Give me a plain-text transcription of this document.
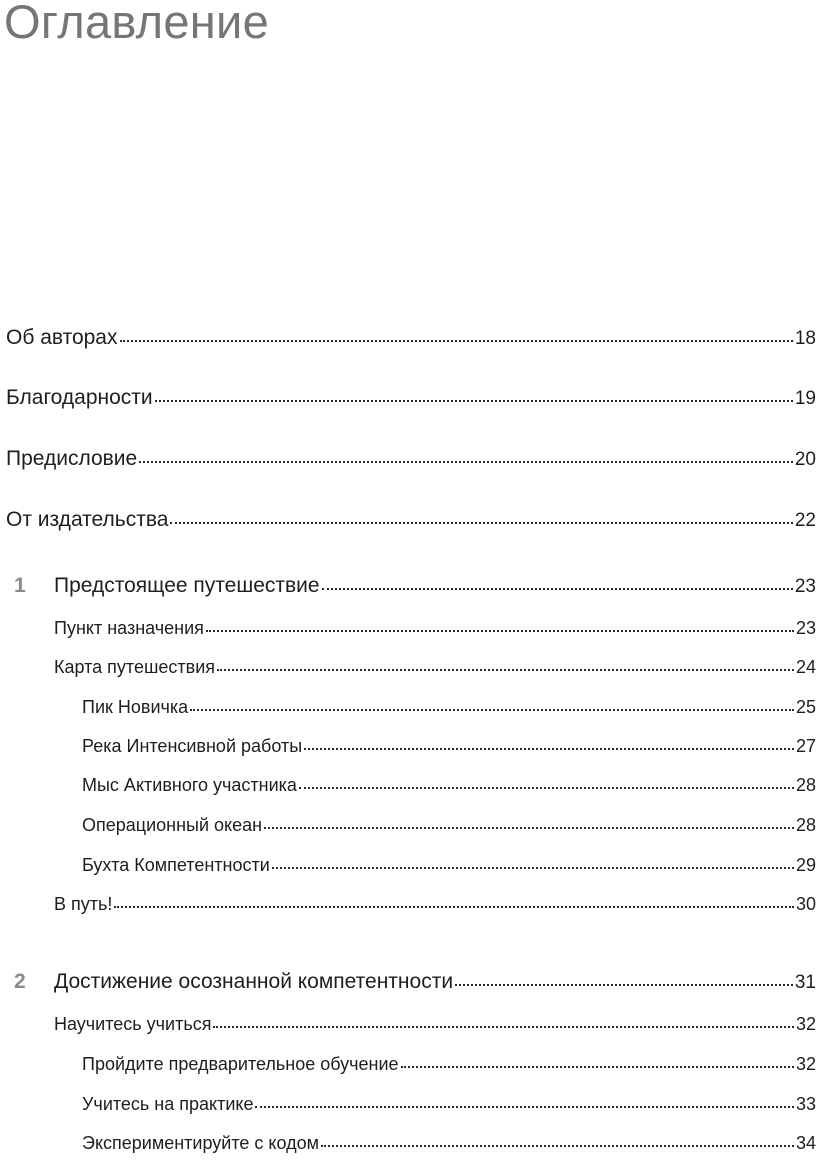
Оглавление
Об авторах	18
Благодарности	19
Предисловие	20
От издательства	22
1 Предстоящее путешествие	23
Пункт назначения	23
Карта путешествия	24
Пик Новичка	25
Река Интенсивной работы	27
Мыс Активного участника	28
Операционный океан	28
Бухта Компетентности	29
В путь!	30
2 Достижение осознанной компетентности	31
Научитесь учиться	32
Пройдите предварительное обучение	32
Учитесь на практике	33
Экспериментируйте с кодом	34
